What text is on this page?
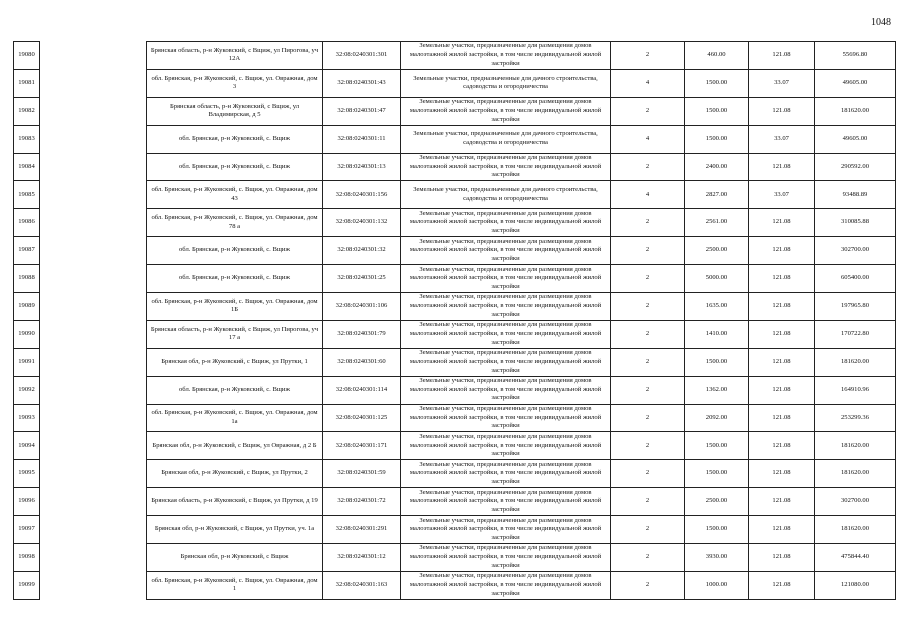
1048
19080		Брянская область, р-н Жуковский, с Вщиж, ул Пирогова, уч 12А	32:08:0240301:301	Земельные участки, предназначенные для размещения домов малоэтажной жилой застройки, в том числе индивидуальной жилой застройки	2	460.00	121.08	55696.80
19081		обл. Брянская, р-н Жуковский, с. Вщиж, ул. Овражная, дом 3	32:08:0240301:43	Земельные участки, предназначенные для дачного строительства, садоводства и огородничества	4	1500.00	33.07	49605.00
19082		Брянская область, р-н Жуковский, с Вщиж, ул Владимирская, д 5	32:08:0240301:47	Земельные участки, предназначенные для размещения домов малоэтажной жилой застройки, в том числе индивидуальной жилой застройки	2	1500.00	121.08	181620.00
19083		обл. Брянская, р-н Жуковский, с. Вщиж	32:08:0240301:11	Земельные участки, предназначенные для дачного строительства, садоводства и огородничества	4	1500.00	33.07	49605.00
19084		обл. Брянская, р-н Жуковский, с. Вщиж	32:08:0240301:13	Земельные участки, предназначенные для размещения домов малоэтажной жилой застройки, в том числе индивидуальной жилой застройки	2	2400.00	121.08	290592.00
19085		обл. Брянская, р-н Жуковский, с. Вщиж, ул. Овражная, дом 43	32:08:0240301:156	Земельные участки, предназначенные для дачного строительства, садоводства и огородничества	4	2827.00	33.07	93488.89
19086		обл. Брянская, р-н Жуковский, с. Вщиж, ул. Овражная, дом 78 а	32:08:0240301:132	Земельные участки, предназначенные для размещения домов малоэтажной жилой застройки, в том числе индивидуальной жилой застройки	2	2561.00	121.08	310085.88
19087		обл. Брянская, р-н Жуковский, с. Вщиж	32:08:0240301:32	Земельные участки, предназначенные для размещения домов малоэтажной жилой застройки, в том числе индивидуальной жилой застройки	2	2500.00	121.08	302700.00
19088		обл. Брянская, р-н Жуковский, с. Вщиж	32:08:0240301:25	Земельные участки, предназначенные для размещения домов малоэтажной жилой застройки, в том числе индивидуальной жилой застройки	2	5000.00	121.08	605400.00
19089		обл. Брянская, р-н Жуковский, с. Вщиж, ул. Овражная, дом 1Б	32:08:0240301:106	Земельные участки, предназначенные для размещения домов малоэтажной жилой застройки, в том числе индивидуальной жилой застройки	2	1635.00	121.08	197965.80
19090		Брянская область, р-н Жуковский, с Вщиж, ул Пирогова, уч 17 а	32:08:0240301:79	Земельные участки, предназначенные для размещения домов малоэтажной жилой застройки, в том числе индивидуальной жилой застройки	2	1410.00	121.08	170722.80
19091		Брянская обл, р-н Жуковский, с Вщиж, ул Прутки, 1	32:08:0240301:60	Земельные участки, предназначенные для размещения домов малоэтажной жилой застройки, в том числе индивидуальной жилой застройки	2	1500.00	121.08	181620.00
19092		обл. Брянская, р-н Жуковский, с. Вщиж	32:08:0240301:114	Земельные участки, предназначенные для размещения домов малоэтажной жилой застройки, в том числе индивидуальной жилой застройки	2	1362.00	121.08	164910.96
19093		обл. Брянская, р-н Жуковский, с. Вщиж, ул. Овражная, дом 1а	32:08:0240301:125	Земельные участки, предназначенные для размещения домов малоэтажной жилой застройки, в том числе индивидуальной жилой застройки	2	2092.00	121.08	253299.36
19094		Брянская обл, р-н Жуковский, с Вщиж, ул Овражная, д 2 Б	32:08:0240301:171	Земельные участки, предназначенные для размещения домов малоэтажной жилой застройки, в том числе индивидуальной жилой застройки	2	1500.00	121.08	181620.00
19095		Брянская обл, р-н Жуковский, с Вщиж, ул Прутки, 2	32:08:0240301:59	Земельные участки, предназначенные для размещения домов малоэтажной жилой застройки, в том числе индивидуальной жилой застройки	2	1500.00	121.08	181620.00
19096		Брянская область, р-н Жуковский, с Вщиж, ул Прутки, д 19	32:08:0240301:72	Земельные участки, предназначенные для размещения домов малоэтажной жилой застройки, в том числе индивидуальной жилой застройки	2	2500.00	121.08	302700.00
19097		Брянская обл, р-н Жуковский, с Вщиж, ул Прутки, уч. 1а	32:08:0240301:291	Земельные участки, предназначенные для размещения домов малоэтажной жилой застройки, в том числе индивидуальной жилой застройки	2	1500.00	121.08	181620.00
19098		Брянская обл, р-н Жуковский, с Вщиж	32:08:0240301:12	Земельные участки, предназначенные для размещения домов малоэтажной жилой застройки, в том числе индивидуальной жилой застройки	2	3930.00	121.08	475844.40
19099		обл. Брянская, р-н Жуковский, с. Вщиж, ул. Овражная, дом 1	32:08:0240301:163	Земельные участки, предназначенные для размещения домов малоэтажной жилой застройки, в том числе индивидуальной жилой застройки	2	1000.00	121.08	121080.00
